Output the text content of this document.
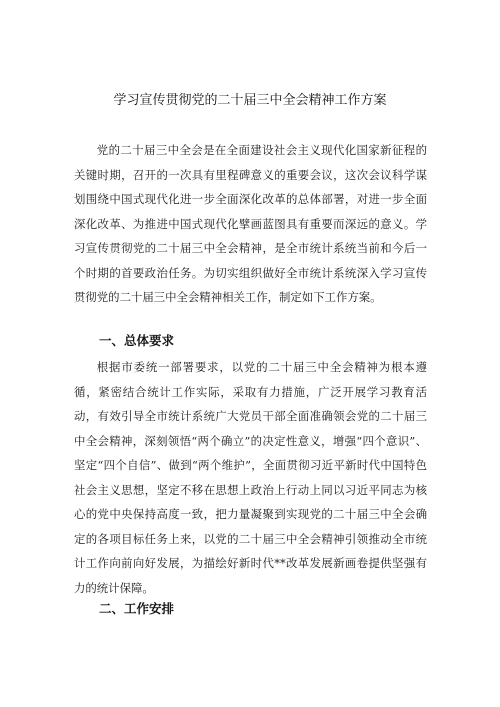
学习宣传贯彻党的二十届三中全会精神工作方案

党的二十届三中全会是在全面建设社会主义现代化国家新征程的关键时期，召开的一次具有里程碑意义的重要会议，这次会议科学谋划围绕中国式现代化进一步全面深化改革的总体部署，对进一步全面深化改革、为推进中国式现代化擘画蓝图具有重要而深远的意义。学习宣传贯彻党的二十届三中全会精神，是全市统计系统当前和今后一个时期的首要政治任务。为切实组织做好全市统计系统深入学习宣传贯彻党的二十届三中全会精神相关工作，制定如下工作方案。

一、总体要求

根据市委统一部署要求，以党的二十届三中全会精神为根本遵循，紧密结合统计工作实际，采取有力措施，广泛开展学习教育活动，有效引导全市统计系统广大党员干部全面准确领会党的二十届三中全会精神，深刻领悟“两个确立”的决定性意义，增强“四个意识”、坚定“四个自信”、做到“两个维护”，全面贯彻习近平新时代中国特色社会主义思想，坚定不移在思想上政治上行动上同以习近平同志为核心的党中央保持高度一致，把力量凝聚到实现党的二十届三中全会确定的各项目标任务上来，以党的二十届三中全会精神引领推动全市统计工作向前向好发展，为描绘好新时代**改革发展新画卷提供坚强有力的统计保障。

二、工作安排
